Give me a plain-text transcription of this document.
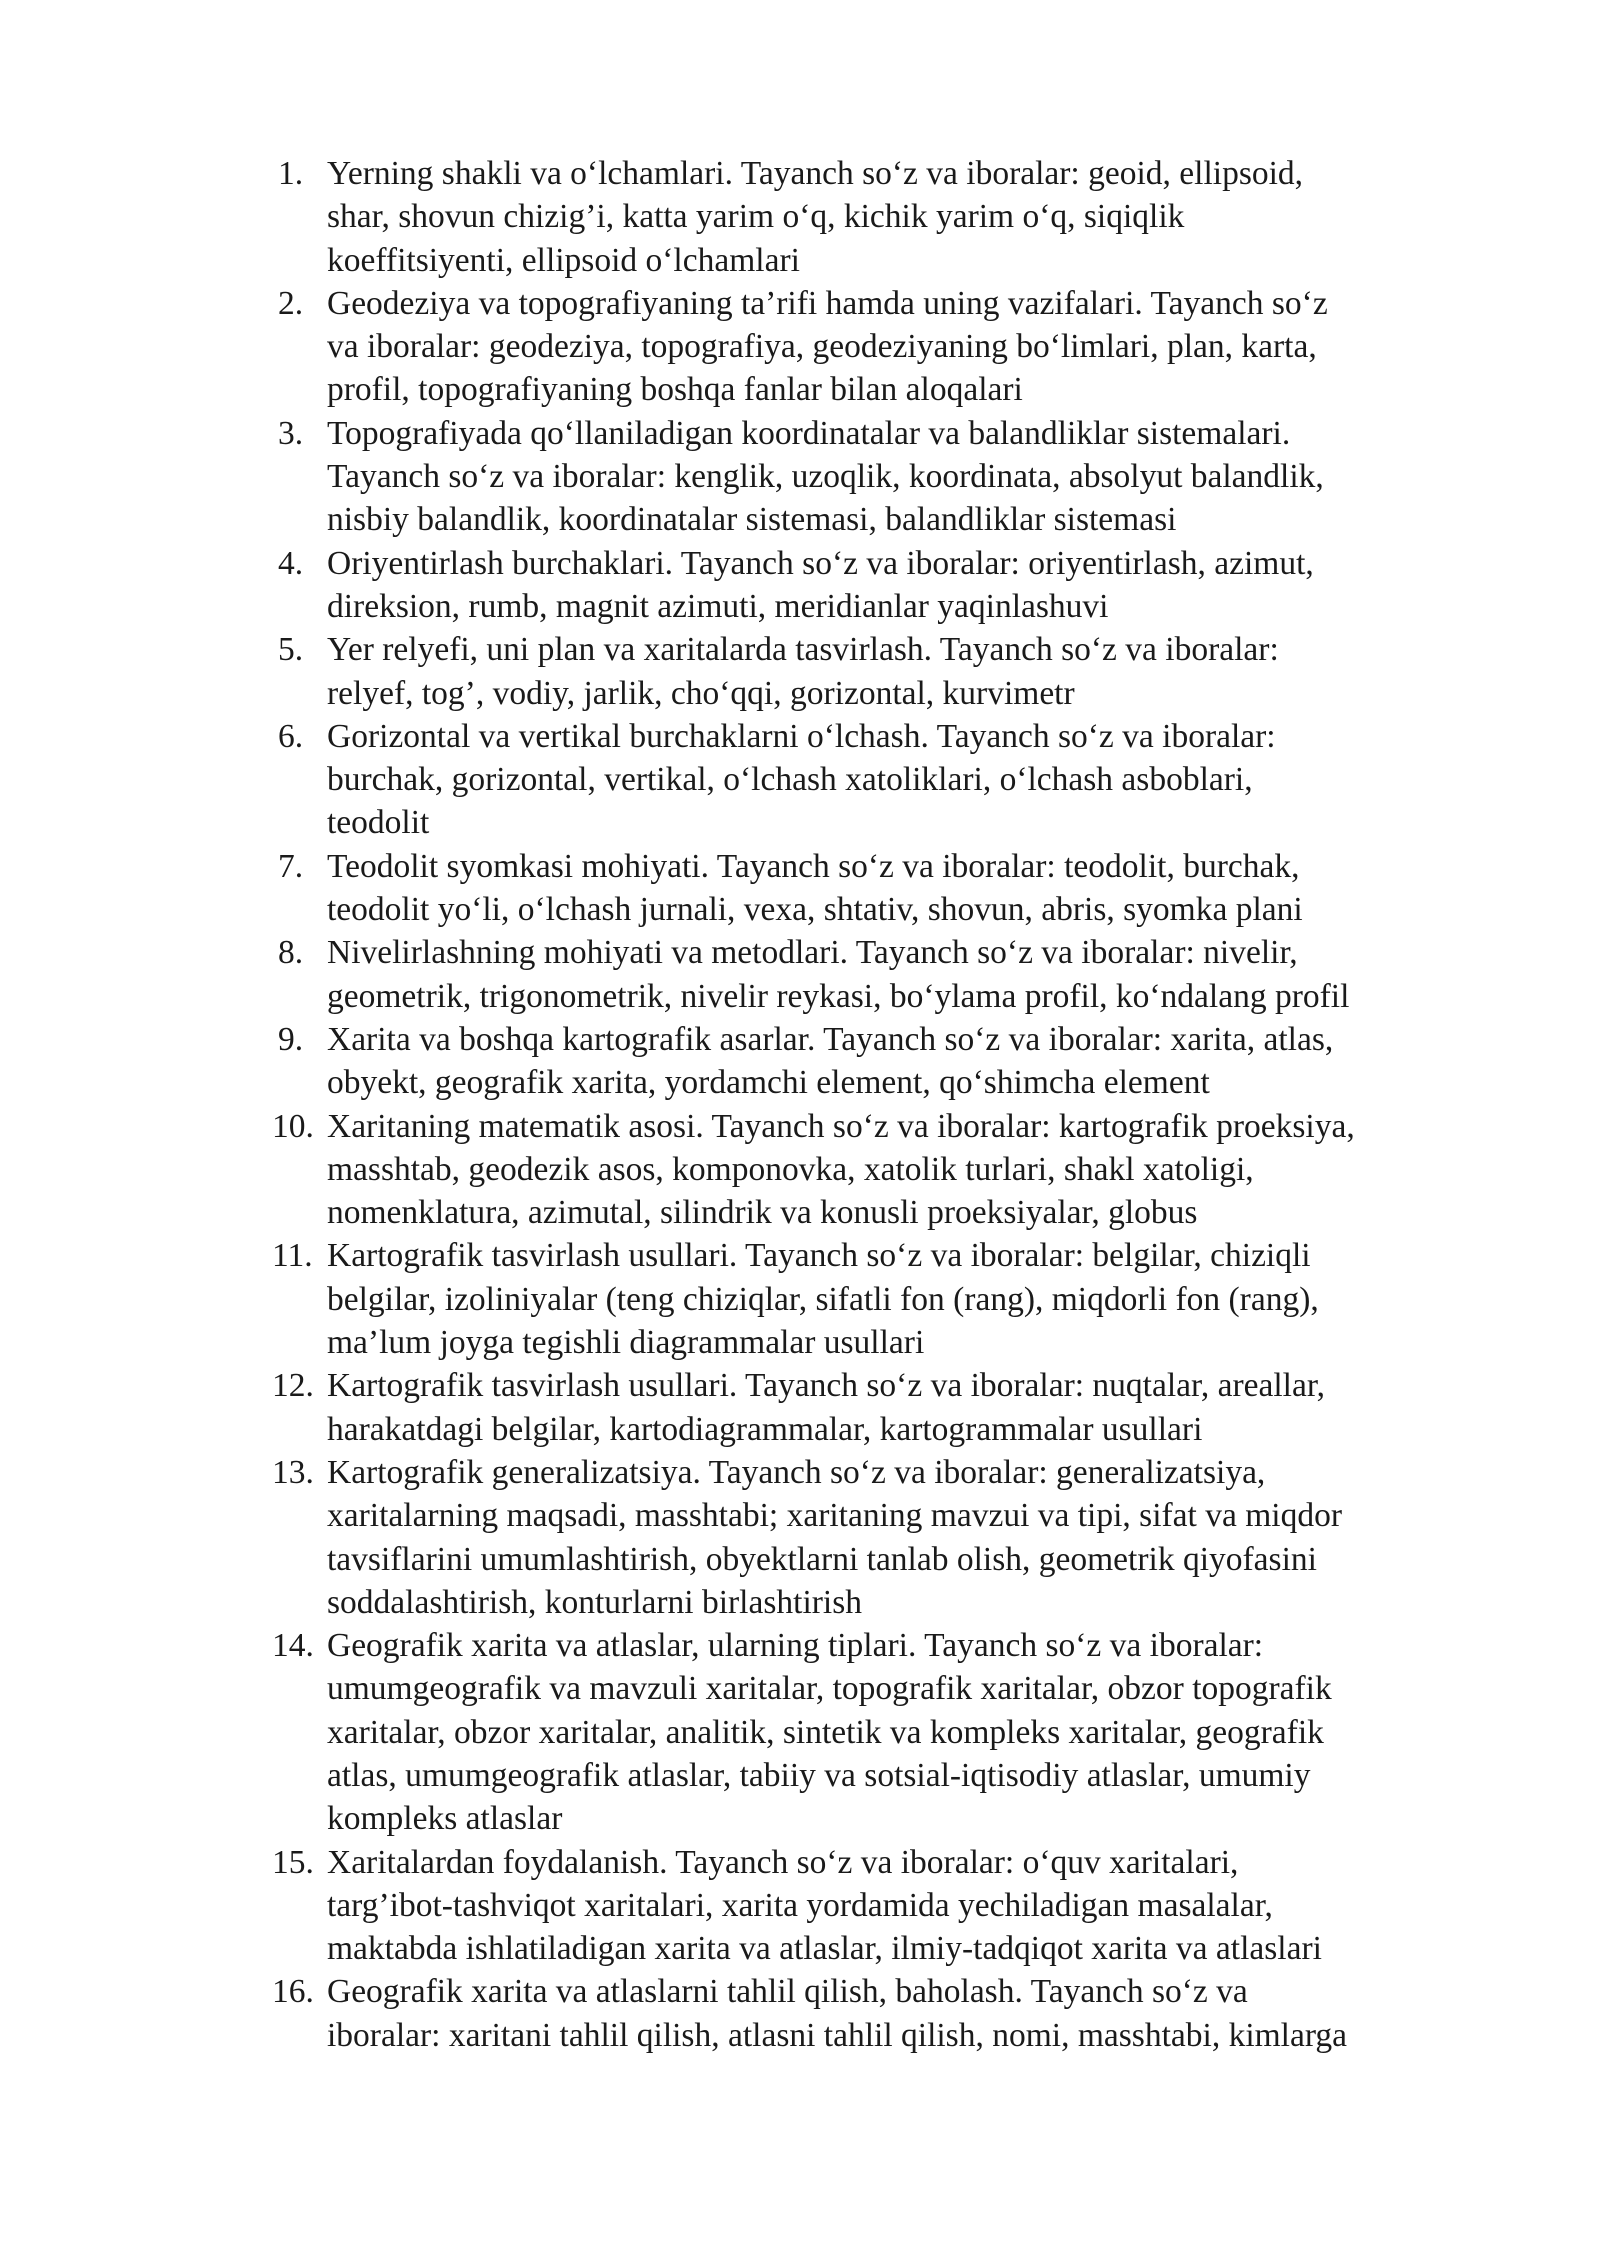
1. Yerning shakli va o‘lchamlari. Tayanch so‘z va iboralar: geoid, ellipsoid,
shar, shovun chizig’i, katta yarim o‘q, kichik yarim o‘q, siqiqlik
koeffitsiyenti, ellipsoid o‘lchamlari
2. Geodeziya va topografiyaning ta’rifi hamda uning vazifalari. Tayanch so‘z
va iboralar: geodeziya, topografiya, geodeziyaning bo‘limlari, plan, karta,
profil, topografiyaning boshqa fanlar bilan aloqalari
3. Topografiyada qo‘llaniladigan koordinatalar va balandliklar sistemalari.
Tayanch so‘z va iboralar: kenglik, uzoqlik, koordinata, absolyut balandlik,
nisbiy balandlik, koordinatalar sistemasi, balandliklar sistemasi
4. Oriyentirlash burchaklari. Tayanch so‘z va iboralar: oriyentirlash, azimut,
direksion, rumb, magnit azimuti, meridianlar yaqinlashuvi
5. Yer relyefi, uni plan va xaritalarda tasvirlash. Tayanch so‘z va iboralar:
relyef, tog’, vodiy, jarlik, cho‘qqi, gorizontal, kurvimetr
6. Gorizontal va vertikal burchaklarni o‘lchash. Tayanch so‘z va iboralar:
burchak, gorizontal, vertikal, o‘lchash xatoliklari, o‘lchash asboblari,
teodolit
7. Teodolit syomkasi mohiyati. Tayanch so‘z va iboralar: teodolit, burchak,
teodolit yo‘li, o‘lchash jurnali, vexa, shtativ, shovun, abris, syomka plani
8. Nivelirlashning mohiyati va metodlari. Tayanch so‘z va iboralar: nivelir,
geometrik, trigonometrik, nivelir reykasi, bo‘ylama profil, ko‘ndalang profil
9. Xarita va boshqa kartografik asarlar. Tayanch so‘z va iboralar: xarita, atlas,
obyekt, geografik xarita, yordamchi element, qo‘shimcha element
10. Xaritaning matematik asosi. Tayanch so‘z va iboralar: kartografik proeksiya,
masshtab, geodezik asos, komponovka, xatolik turlari, shakl xatoligi,
nomenklatura, azimutal, silindrik va konusli proeksiyalar, globus
11. Kartografik tasvirlash usullari. Tayanch so‘z va iboralar: belgilar, chiziqli
belgilar, izoliniyalar (teng chiziqlar, sifatli fon (rang), miqdorli fon (rang),
ma’lum joyga tegishli diagrammalar usullari
12. Kartografik tasvirlash usullari. Tayanch so‘z va iboralar: nuqtalar, areallar,
harakatdagi belgilar, kartodiagrammalar, kartogrammalar usullari
13. Kartografik generalizatsiya. Tayanch so‘z va iboralar: generalizatsiya,
xaritalarning maqsadi, masshtabi; xaritaning mavzui va tipi, sifat va miqdor
tavsiflarini umumlashtirish, obyektlarni tanlab olish, geometrik qiyofasini
soddalashtirish, konturlarni birlashtirish
14. Geografik xarita va atlaslar, ularning tiplari. Tayanch so‘z va iboralar:
umumgeografik va mavzuli xaritalar, topografik xaritalar, obzor topografik
xaritalar, obzor xaritalar, analitik, sintetik va kompleks xaritalar, geografik
atlas, umumgeografik atlaslar, tabiiy va sotsial-iqtisodiy atlaslar, umumiy
kompleks atlaslar
15. Xaritalardan foydalanish. Tayanch so‘z va iboralar: o‘quv xaritalari,
targ’ibot-tashviqot xaritalari, xarita yordamida yechiladigan masalalar,
maktabda ishlatiladigan xarita va atlaslar, ilmiy-tadqiqot xarita va atlaslari
16. Geografik xarita va atlaslarni tahlil qilish, baholash. Tayanch so‘z va
iboralar: xaritani tahlil qilish, atlasni tahlil qilish, nomi, masshtabi, kimlarga
